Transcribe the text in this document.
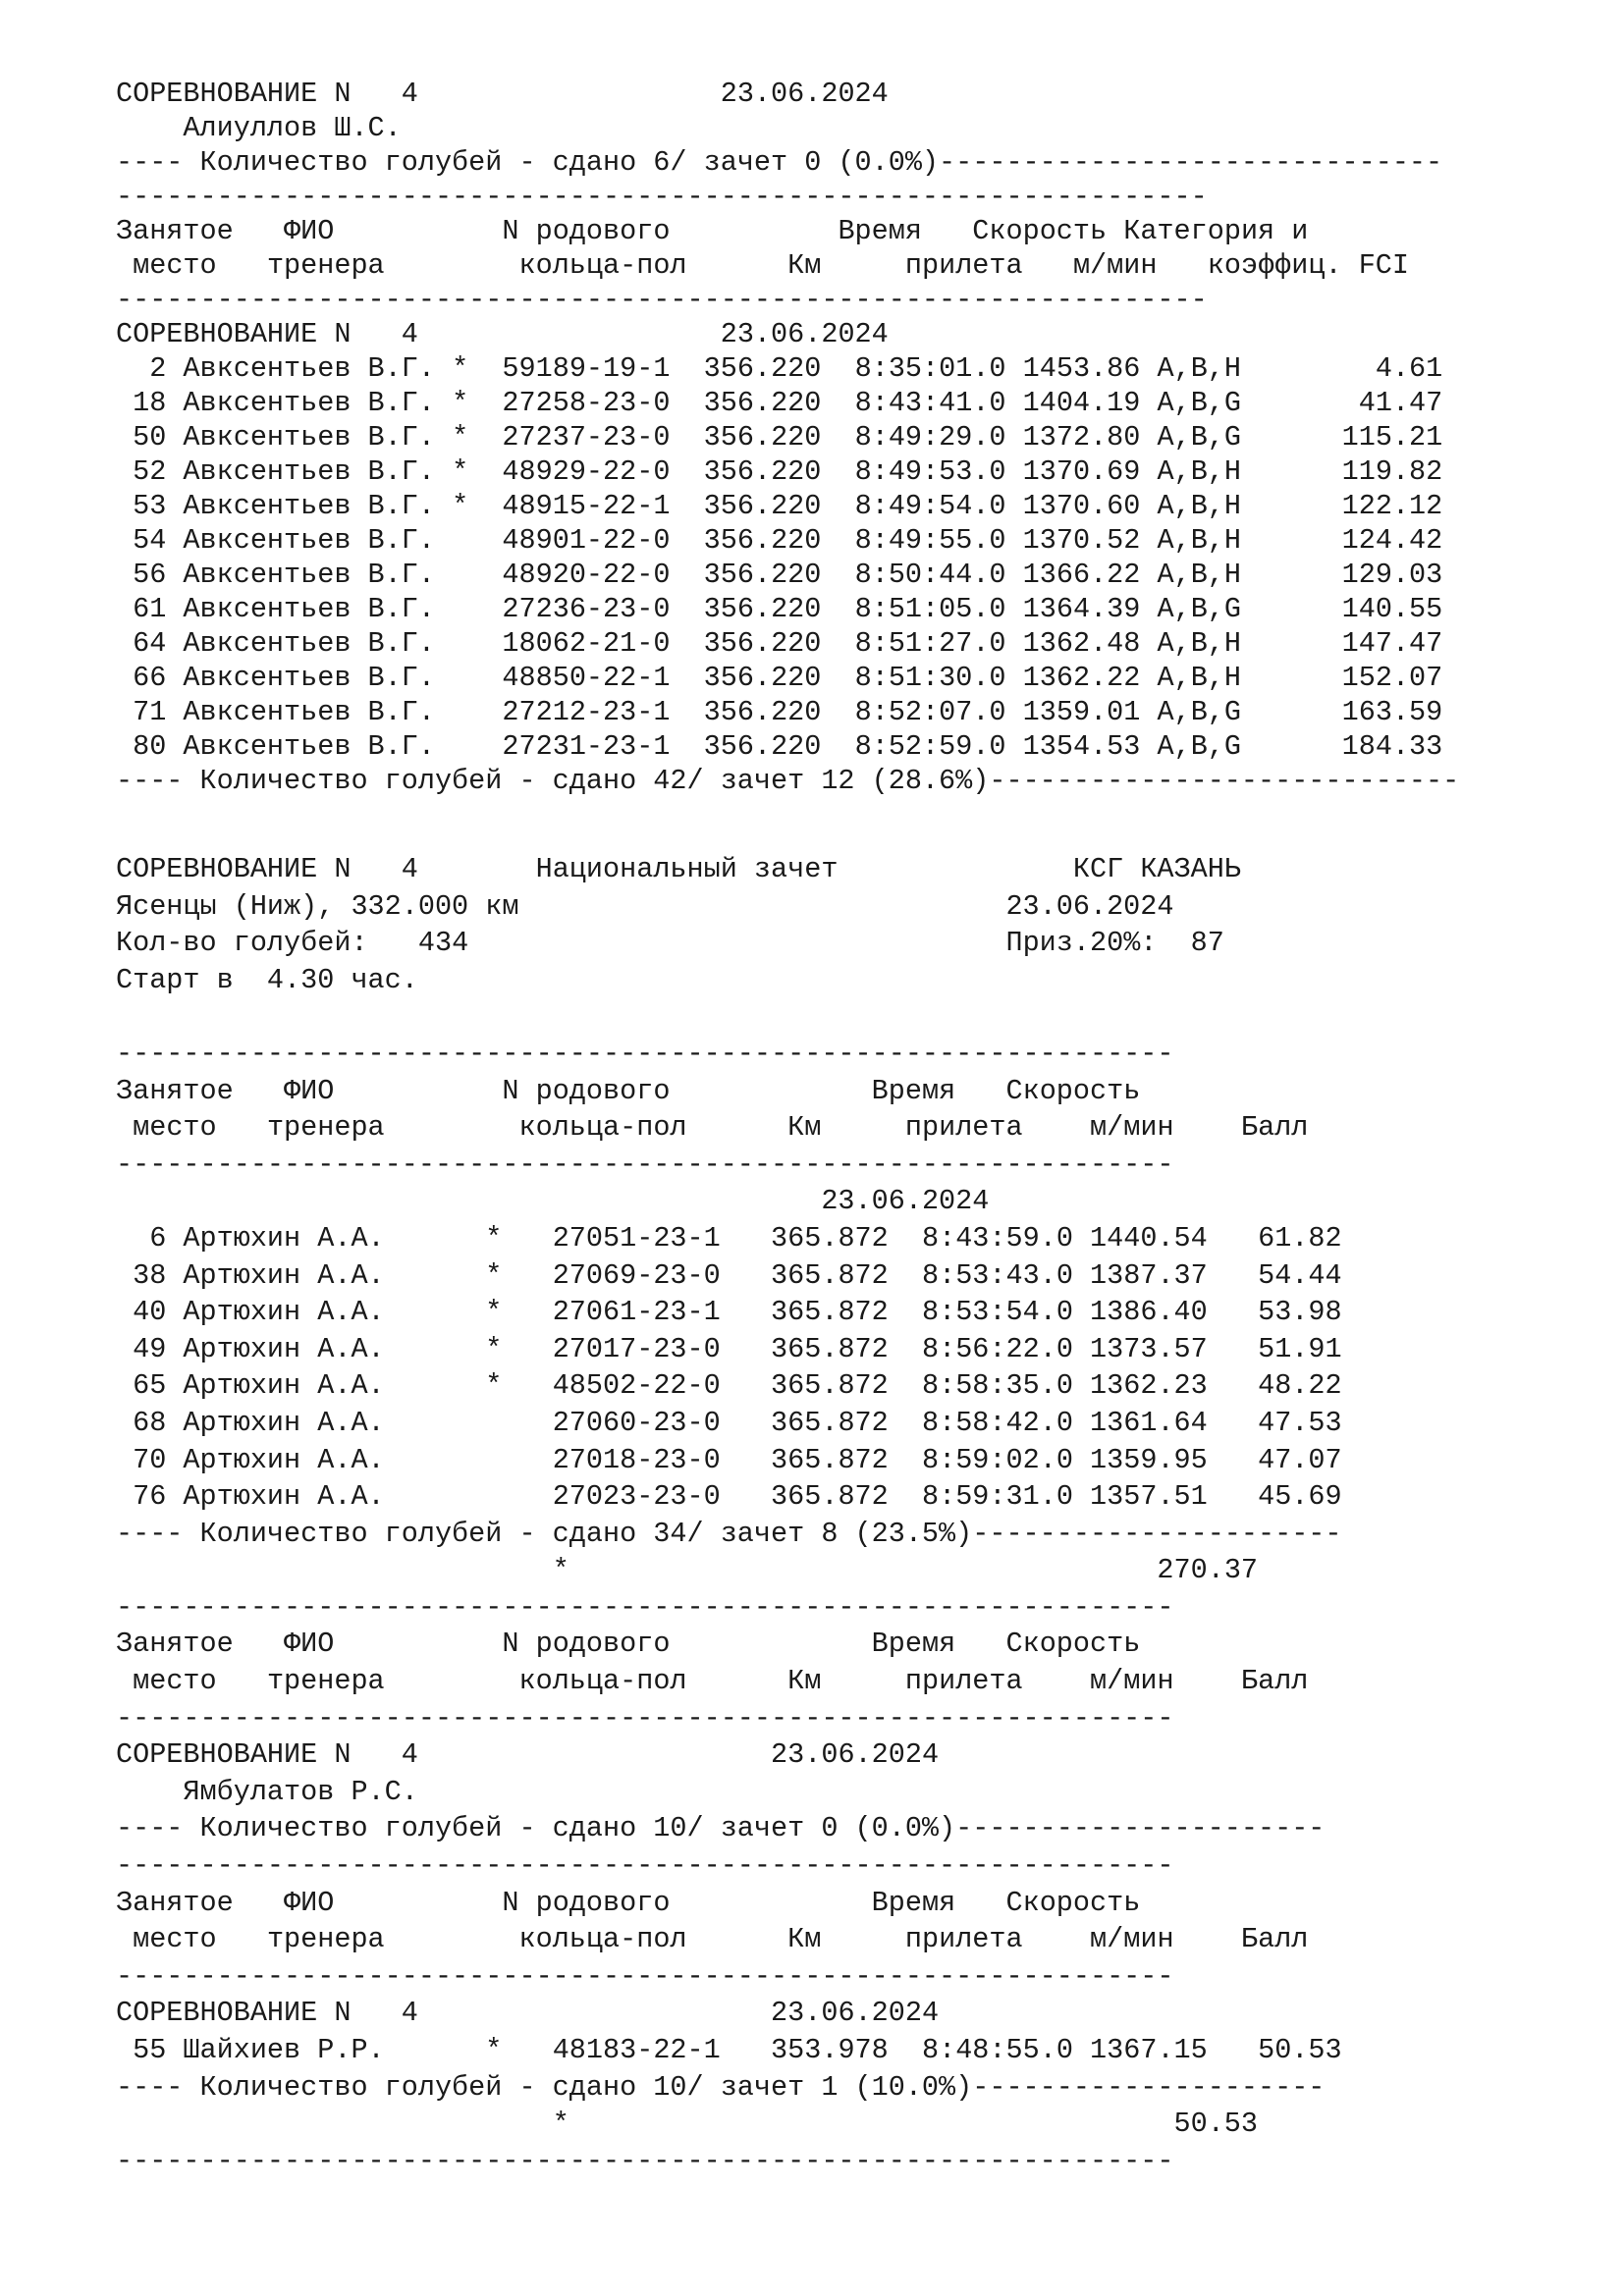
СОРЕВНОВАНИЕ N   4	23.06.2024
Алиуллов Ш.С.
---- Количество голубей - сдано 6/ зачет 0 (0.0%)------------------------------
-----------------------------------------------------------------
Занятое ФИО	N родового	Время Скорость Категория и
место тренера	кольца-пол	Км	прилета м/мин коэффиц. FCI
-----------------------------------------------------------------
СОРЕВНОВАНИЕ N   4	23.06.2024
2 Авксентьев В.Г. * 59189-19-1 356.220 8:35:01.0 1453.86 A,B,H        4.61
18 Авксентьев В.Г. * 27258-23-0 356.220 8:43:41.0 1404.19 A,B,G       41.47
50 Авксентьев В.Г. * 27237-23-0 356.220 8:49:29.0 1372.80 A,B,G      115.21
52 Авксентьев В.Г. * 48929-22-0 356.220 8:49:53.0 1370.69 A,B,H      119.82
53 Авксентьев В.Г. * 48915-22-1 356.220 8:49:54.0 1370.60 A,B,H      122.12
54 Авксентьев В.Г.    48901-22-0 356.220 8:49:55.0 1370.52 A,B,H      124.42
56 Авксентьев В.Г.    48920-22-0 356.220 8:50:44.0 1366.22 A,B,H      129.03
61 Авксентьев В.Г.    27236-23-0 356.220 8:51:05.0 1364.39 A,B,G      140.55
64 Авксентьев В.Г.    18062-21-0 356.220 8:51:27.0 1362.48 A,B,H      147.47
66 Авксентьев В.Г.    48850-22-1 356.220 8:51:30.0 1362.22 A,B,H      152.07
71 Авксентьев В.Г.    27212-23-1 356.220 8:52:07.0 1359.01 A,B,G      163.59
80 Авксентьев В.Г.    27231-23-1 356.220 8:52:59.0 1354.53 A,B,G      184.33
---- Количество голубей - сдано 42/ зачет 12 (28.6%)----------------------------
СОРЕВНОВАНИЕ N   4	Национальный зачет	КСГ КАЗАНЬ
Ясенцы (Ниж), 332.000 км	23.06.2024
Кол-во голубей: 434	Приз.20%: 87
Старт в  4.30 час.

---------------------------------------------------------------
Занятое ФИО	N родового	Время Скорость
место тренера	кольца-пол	Км	прилета м/мин Балл
---------------------------------------------------------------
23.06.2024
6 Артюхин А.А.      * 27051-23-1 365.872 8:43:59.0 1440.54   61.82
38 Артюхин А.А.      * 27069-23-0 365.872 8:53:43.0 1387.37   54.44
40 Артюхин А.А.      * 27061-23-1 365.872 8:53:54.0 1386.40   53.98
49 Артюхин А.А.      * 27017-23-0 365.872 8:56:22.0 1373.57   51.91
65 Артюхин А.А.      * 48502-22-0 365.872 8:58:35.0 1362.23   48.22
68 Артюхин А.А.          27060-23-0 365.872 8:58:42.0 1361.64   47.53
70 Артюхин А.А.          27018-23-0 365.872 8:59:02.0 1359.95   47.07
76 Артюхин А.А.          27023-23-0 365.872 8:59:31.0 1357.51   45.69
---- Количество голубей - сдано 34/ зачет 8 (23.5%)----------------------
*	270.37
---------------------------------------------------------------
Занятое ФИО	N родового	Время Скорость
место тренера	кольца-пол	Км	прилета м/мин Балл
---------------------------------------------------------------
СОРЕВНОВАНИЕ N   4	23.06.2024
Ямбулатов Р.С.
---- Количество голубей - сдано 10/ зачет 0 (0.0%)----------------------
---------------------------------------------------------------
Занятое ФИО	N родового	Время Скорость
место тренера	кольца-пол	Км	прилета м/мин Балл
---------------------------------------------------------------
СОРЕВНОВАНИЕ N   4	23.06.2024
55 Шайхиев Р.Р.      * 48183-22-1 353.978 8:48:55.0 1367.15   50.53
---- Количество голубей - сдано 10/ зачет 1 (10.0%)---------------------
*	50.53
---------------------------------------------------------------
